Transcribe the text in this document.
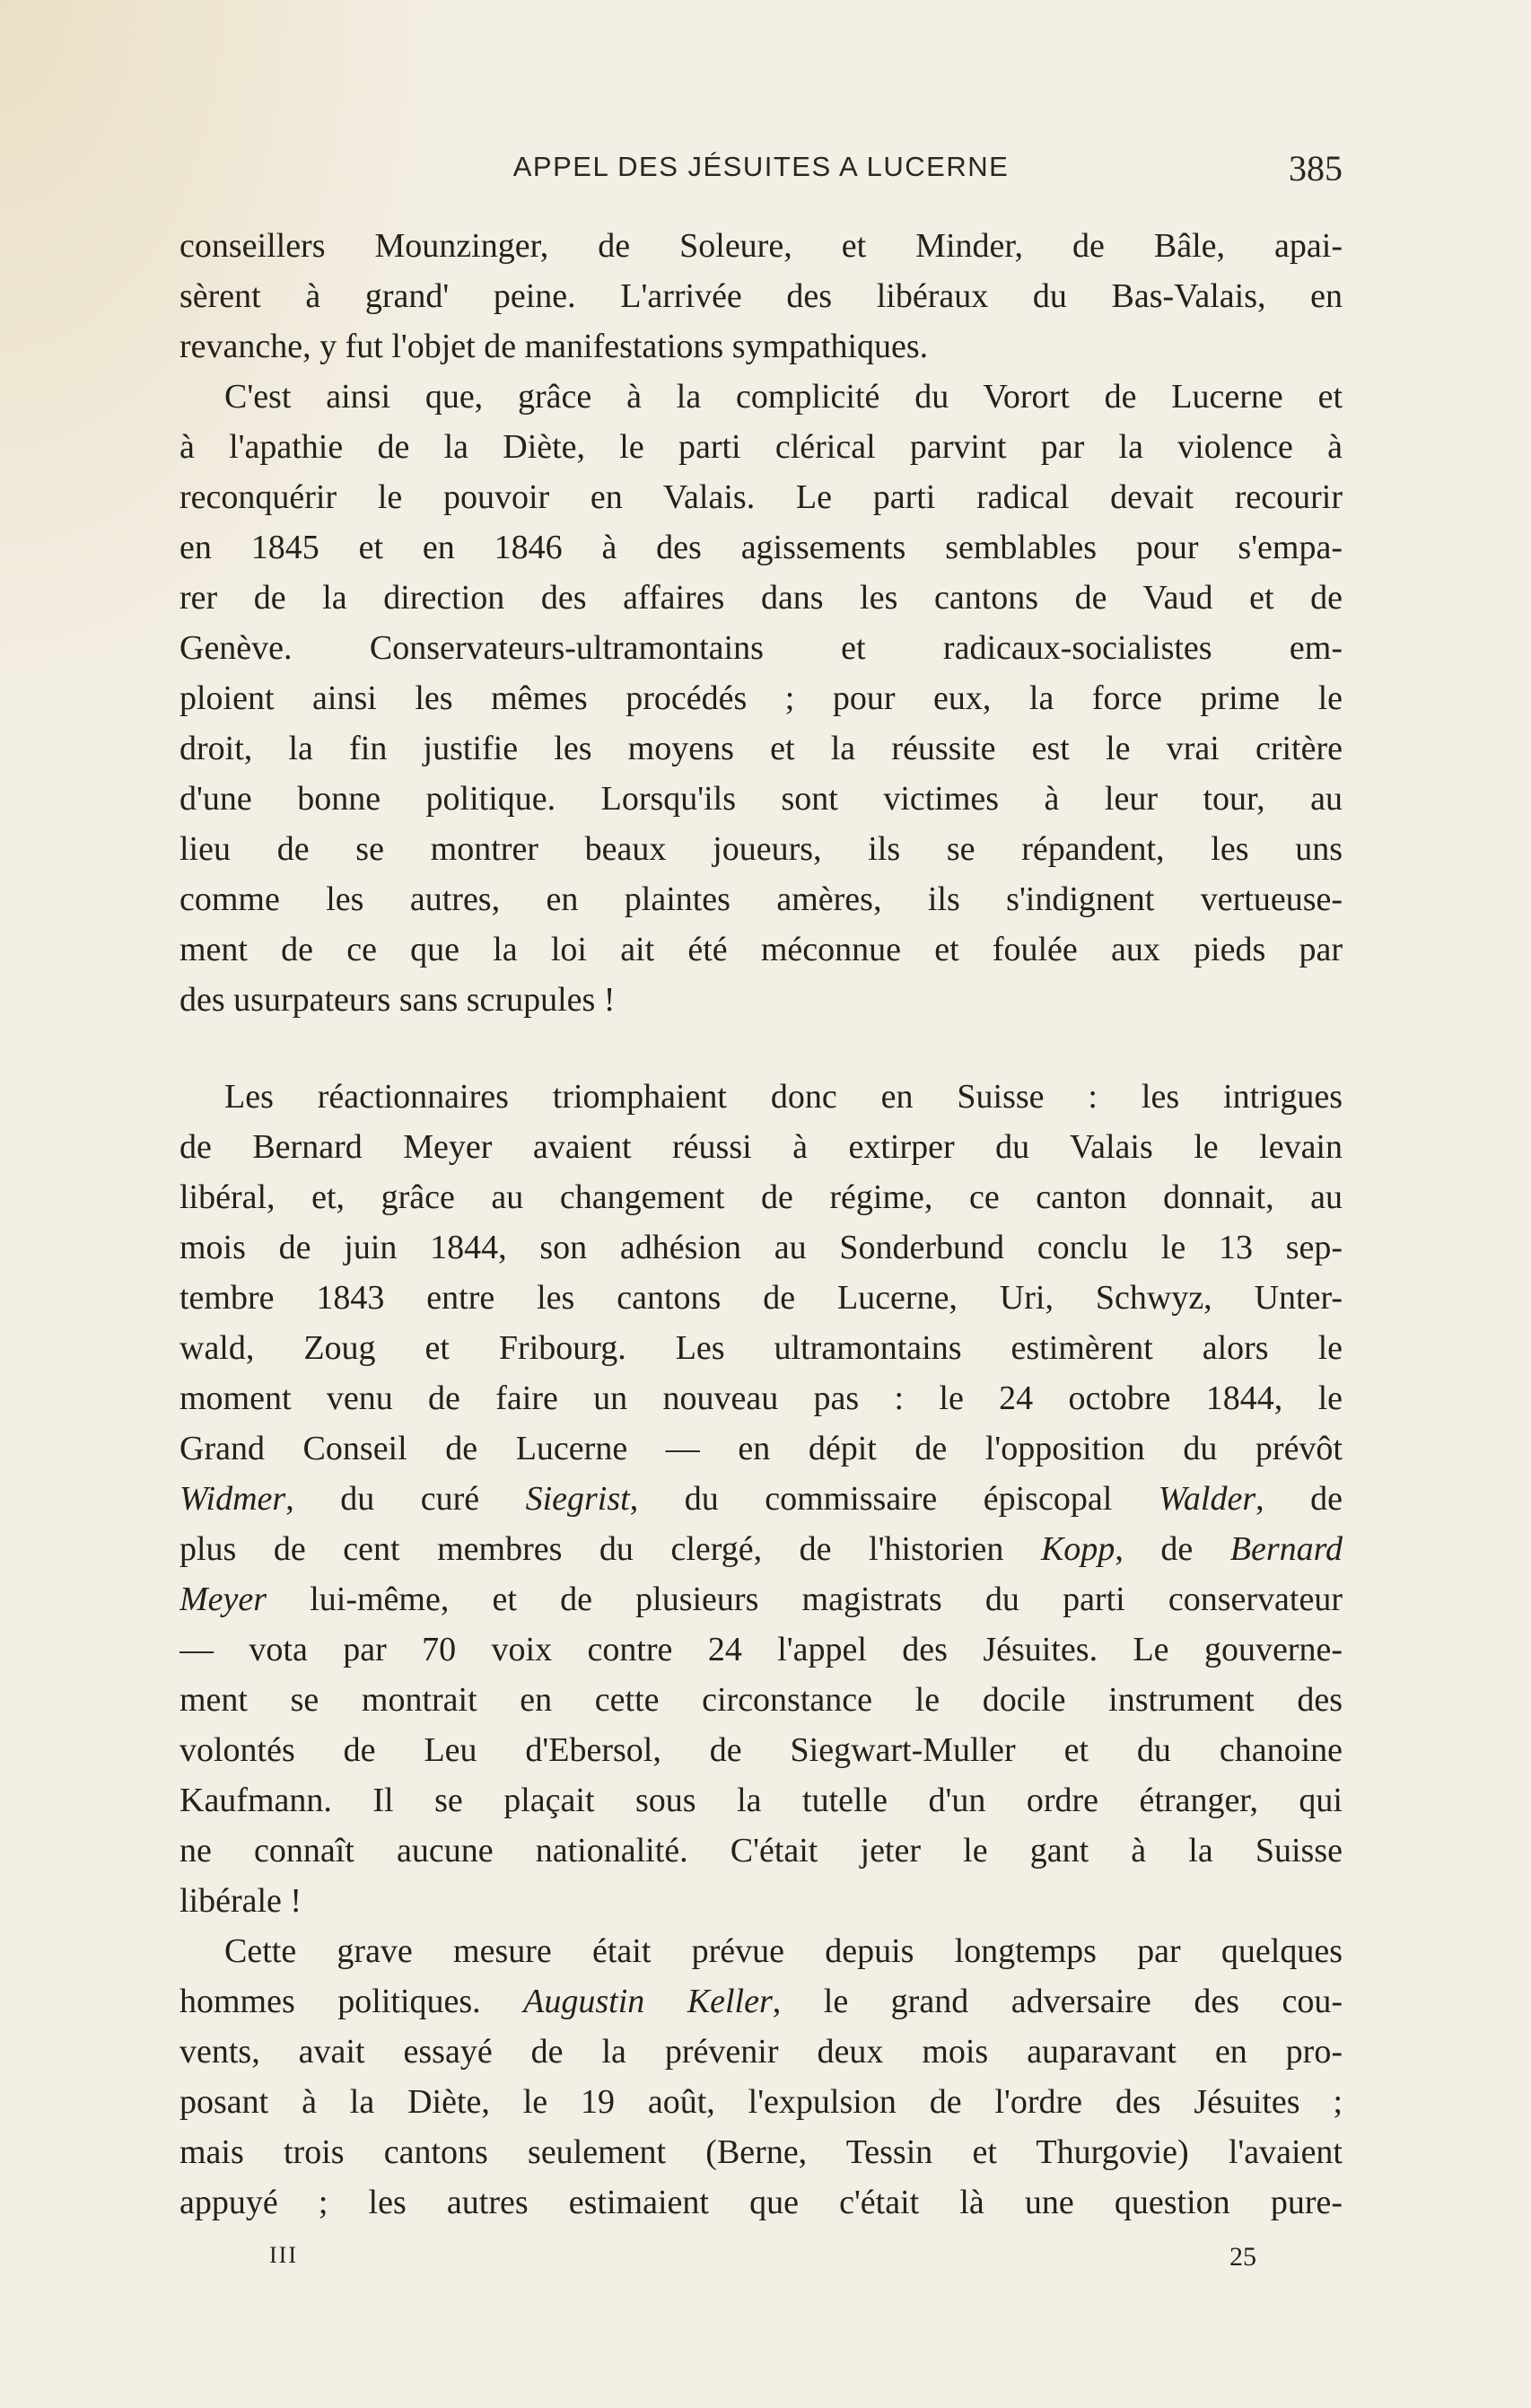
APPEL DES JÉSUITES A LUCERNE	385
conseillers Mounzinger, de Soleure, et Minder, de Bâle, apai-
sèrent à grand' peine. L'arrivée des libéraux du Bas-Valais, en
revanche, y fut l'objet de manifestations sympathiques.
C'est ainsi que, grâce à la complicité du Vorort de Lucerne et
à l'apathie de la Diète, le parti clérical parvint par la violence à
reconquérir le pouvoir en Valais. Le parti radical devait recourir
en 1845 et en 1846 à des agissements semblables pour s'empa-
rer de la direction des affaires dans les cantons de Vaud et de
Genève. Conservateurs-ultramontains et radicaux-socialistes em-
ploient ainsi les mêmes procédés ; pour eux, la force prime le
droit, la fin justifie les moyens et la réussite est le vrai critère
d'une bonne politique. Lorsqu'ils sont victimes à leur tour, au
lieu de se montrer beaux joueurs, ils se répandent, les uns
comme les autres, en plaintes amères, ils s'indignent vertueuse-
ment de ce que la loi ait été méconnue et foulée aux pieds par
des usurpateurs sans scrupules !
Les réactionnaires triomphaient donc en Suisse : les intrigues
de Bernard Meyer avaient réussi à extirper du Valais le levain
libéral, et, grâce au changement de régime, ce canton donnait, au
mois de juin 1844, son adhésion au Sonderbund conclu le 13 sep-
tembre 1843 entre les cantons de Lucerne, Uri, Schwyz, Unter-
wald, Zoug et Fribourg. Les ultramontains estimèrent alors le
moment venu de faire un nouveau pas : le 24 octobre 1844, le
Grand Conseil de Lucerne — en dépit de l'opposition du prévôt
Widmer, du curé Siegrist, du commissaire épiscopal Walder, de
plus de cent membres du clergé, de l'historien Kopp, de Bernard
Meyer lui-même, et de plusieurs magistrats du parti conservateur
— vota par 70 voix contre 24 l'appel des Jésuites. Le gouverne-
ment se montrait en cette circonstance le docile instrument des
volontés de Leu d'Ebersol, de Siegwart-Muller et du chanoine
Kaufmann. Il se plaçait sous la tutelle d'un ordre étranger, qui
ne connaît aucune nationalité. C'était jeter le gant à la Suisse
libérale !
Cette grave mesure était prévue depuis longtemps par quelques
hommes politiques. Augustin Keller, le grand adversaire des cou-
vents, avait essayé de la prévenir deux mois auparavant en pro-
posant à la Diète, le 19 août, l'expulsion de l'ordre des Jésuites ;
mais trois cantons seulement (Berne, Tessin et Thurgovie) l'avaient
appuyé ; les autres estimaient que c'était là une question pure-
III	25
